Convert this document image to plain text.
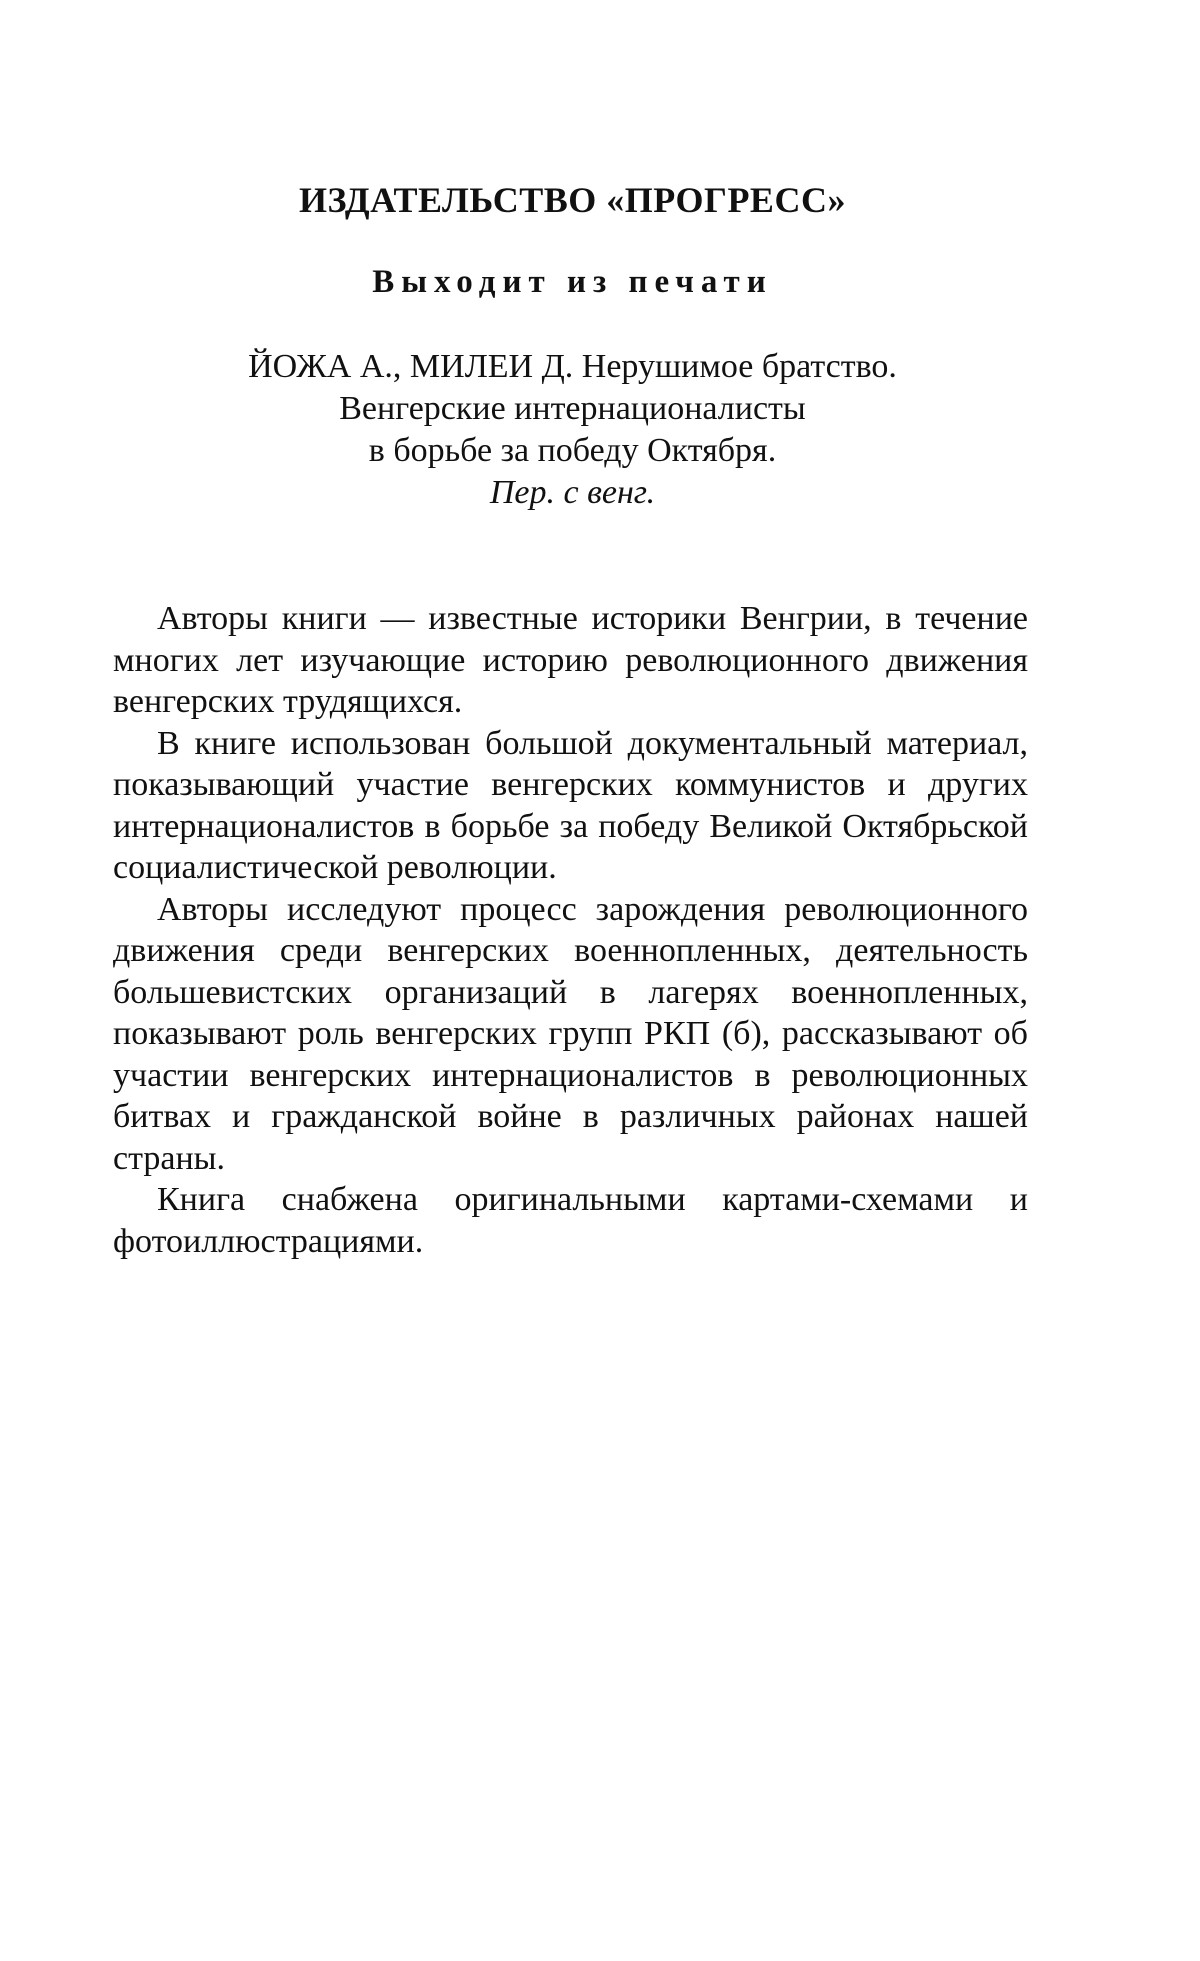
ИЗДАТЕЛЬСТВО «ПРОГРЕСС»
Выходит из печати
ЙОЖА А., МИЛЕИ Д. Нерушимое братство.
Венгерские интернационалисты
в борьбе за победу Октября.
Пер. с венг.

Авторы книги — известные историки Венгрии, в течение многих лет изучающие историю революционного движения венгерских трудящихся.

В книге использован большой документальный материал, показывающий участие венгерских коммунистов и других интернационалистов в борьбе за победу Великой Октябрьской социалистической революции.

Авторы исследуют процесс зарождения революционного движения среди венгерских военнопленных, деятельность большевистских организаций в лагерях военнопленных, показывают роль венгерских групп РКП (б), рассказывают об участии венгерских интернационалистов в революционных битвах и гражданской войне в различных районах нашей страны.

Книга снабжена оригинальными картами-схемами и фотоиллюстрациями.
